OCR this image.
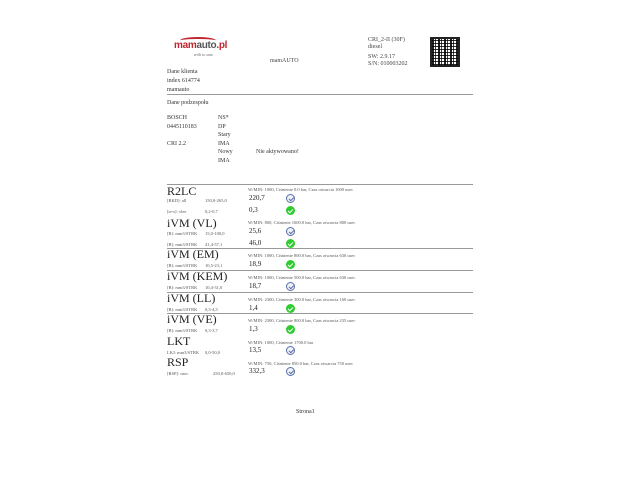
mamauto.pl
zrób to sam
mamAUTO
CRI_2-II (30F)
diesel
SW: 2.9.17
S/N: 010003202
Dane klienta
index 614774
mamauto
Dane podzespołu
BOSCH
0445110183

CRI 2.2
NS*
DP
Stary
IMA
Nowy
IMA
Nie aktywowano!
R2LC	W/MIN: 1000, Ciśnienie 0.0 bar, Czas otwarcia 1000 usec
[RKD]: all	150,0-265,0	220,7
[n+s]: vlee	0,2-0,7	0,3
iVM (VL)	W/MIN: 800, Ciśnienie 1600.0 bar, Czas otwarcia 800 usec
[R]: mm3/STRK 15,0-100,0	25,6
[B]: mm3/STRK 41,4-57,1	46,0
iVM (EM)	W/MIN: 1000, Ciśnienie 800.0 bar, Czas otwarcia 630 usec
[B]: mm3/STRK 10,5-23,1	18,9
iVM (KEM)	W/MIN: 1000, Ciśnienie 500.0 bar, Czas otwarcia 630 usec
[B]: mm3/STRK 10,4-31,0	18,7
iVM (LL)	W/MIN: 2300, Ciśnienie 300.0 bar, Czas otwarcia 160 usec
[B]: mm3/STRK 0,3-4,5	1,4
iVM (VE)	W/MIN: 2300, Ciśnienie 800.0 bar, Czas otwarcia 235 usec
[B]: mm3/STRK 0,3-3,7	1,3
LKT	W/MIN: 1000, Ciśnienie 1700.0 bar
LKJ: mm3/STRK 0,0-50,0	13,5
RSP	W/MIN: 750, Ciśnienie 850.0 bar, Czas otwarcia 750 usec
[RSP]: usec	250,0-650,0 332,3
Strona1
